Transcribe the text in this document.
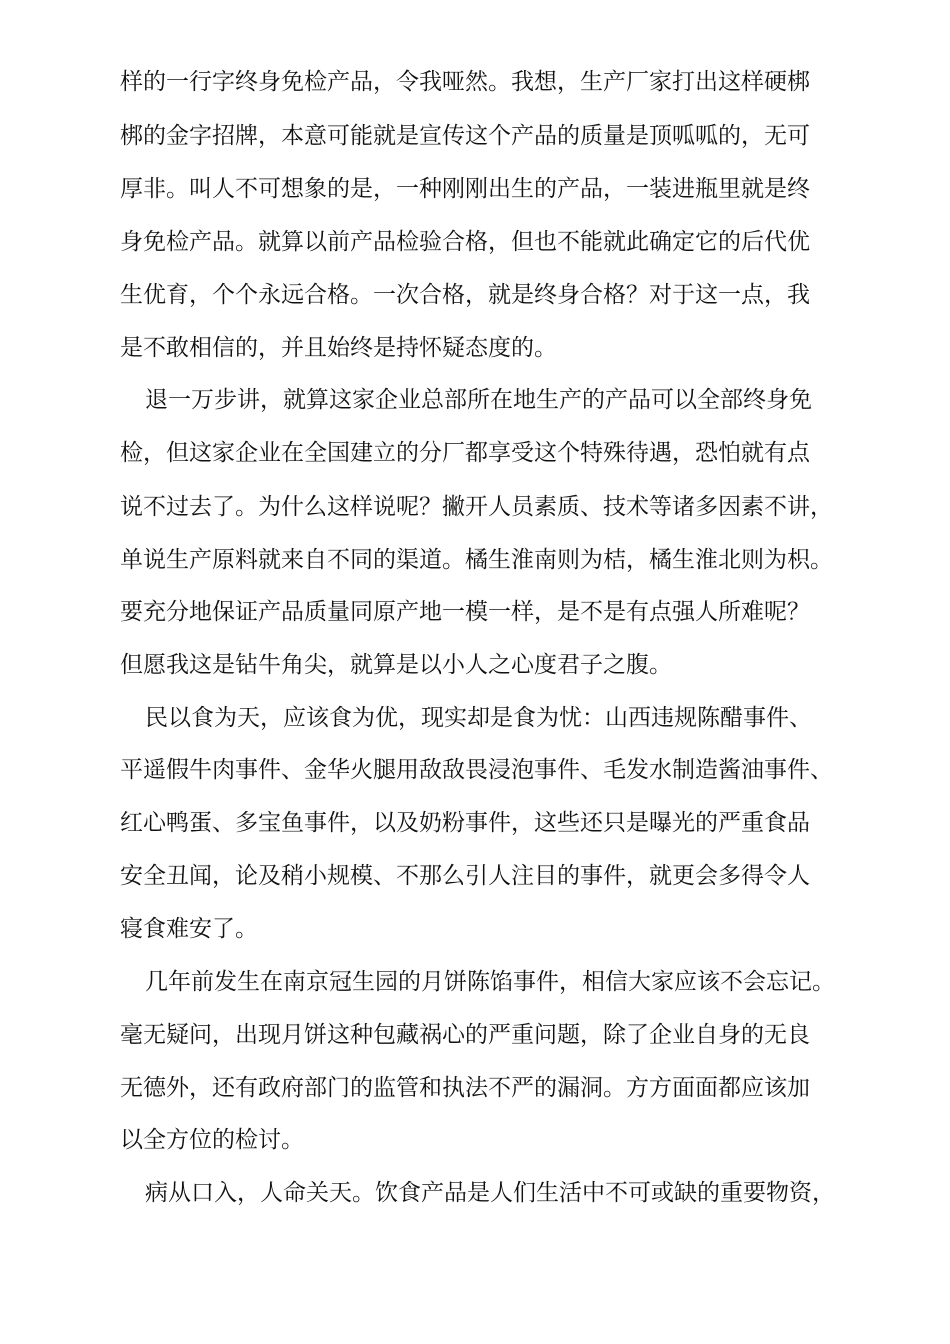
样的一行字终身免检产品，令我哑然。我想，生产厂家打出这样硬梆
梆的金字招牌，本意可能就是宣传这个产品的质量是顶呱呱的，无可
厚非。叫人不可想象的是，一种刚刚出生的产品，一装进瓶里就是终
身免检产品。就算以前产品检验合格，但也不能就此确定它的后代优
生优育，个个永远合格。一次合格，就是终身合格？对于这一点，我
是不敢相信的，并且始终是持怀疑态度的。
退一万步讲，就算这家企业总部所在地生产的产品可以全部终身免
检，但这家企业在全国建立的分厂都享受这个特殊待遇，恐怕就有点
说不过去了。为什么这样说呢？撇开人员素质、技术等诸多因素不讲，
单说生产原料就来自不同的渠道。橘生淮南则为桔，橘生淮北则为枳。
要充分地保证产品质量同原产地一模一样，是不是有点强人所难呢？
但愿我这是钻牛角尖，就算是以小人之心度君子之腹。
民以食为天，应该食为优，现实却是食为忧：山西违规陈醋事件、
平遥假牛肉事件、金华火腿用敌敌畏浸泡事件、毛发水制造酱油事件、
红心鸭蛋、多宝鱼事件，以及奶粉事件，这些还只是曝光的严重食品
安全丑闻，论及稍小规模、不那么引人注目的事件，就更会多得令人
寝食难安了。
几年前发生在南京冠生园的月饼陈馅事件，相信大家应该不会忘记。
毫无疑问，出现月饼这种包藏祸心的严重问题，除了企业自身的无良
无德外，还有政府部门的监管和执法不严的漏洞。方方面面都应该加
以全方位的检讨。
病从口入，人命关天。饮食产品是人们生活中不可或缺的重要物资，
